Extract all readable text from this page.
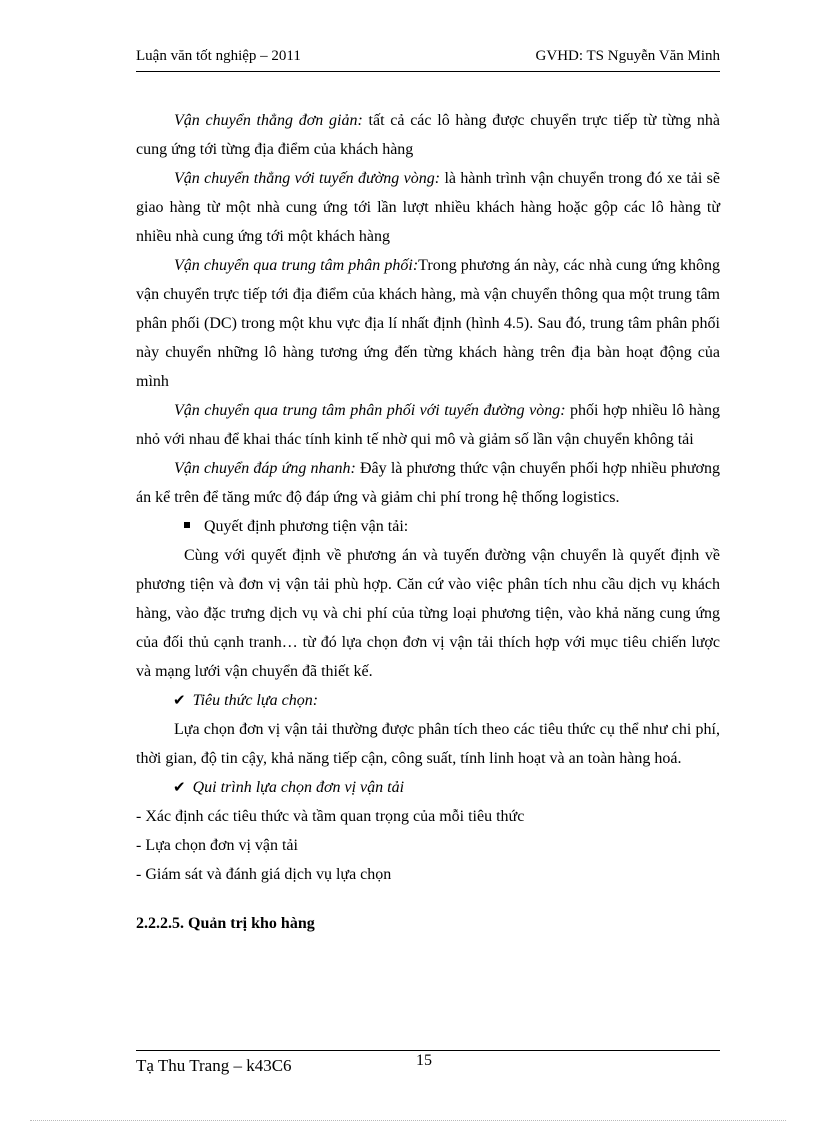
Luận văn tốt nghiệp – 2011	GVHD: TS Nguyễn Văn Minh

Vận chuyển thẳng đơn giản: tất cả các lô hàng được chuyển trực tiếp từ từng nhà cung ứng tới từng địa điểm của khách hàng

Vận chuyển thẳng với tuyến đường vòng: là hành trình vận chuyển trong đó xe tải sẽ giao hàng từ một nhà cung ứng tới lần lượt nhiều khách hàng hoặc gộp các lô hàng từ nhiều nhà cung ứng tới một khách hàng

Vận chuyển qua trung tâm phân phối:Trong phương án này, các nhà cung ứng không vận chuyển trực tiếp tới địa điểm của khách hàng, mà vận chuyển thông qua một trung tâm phân phối (DC) trong một khu vực địa lí nhất định (hình 4.5). Sau đó, trung tâm phân phối này chuyển những lô hàng tương ứng đến từng khách hàng trên địa bàn hoạt động của mình

Vận chuyển qua trung tâm phân phối với tuyến đường vòng: phối hợp nhiều lô hàng nhỏ với nhau để khai thác tính kinh tế nhờ qui mô và giảm số lần vận chuyển không tải

Vận chuyển đáp ứng nhanh: Đây là phương thức vận chuyển phối hợp nhiều phương án kể trên để tăng mức độ đáp ứng và giảm chi phí trong hệ thống logistics.

Quyết định phương tiện vận tải:

Cùng với quyết định về phương án và tuyến đường vận chuyển là quyết định về phương tiện và đơn vị vận tải phù hợp. Căn cứ vào việc phân tích nhu cầu dịch vụ khách hàng, vào đặc trưng dịch vụ và chi phí của từng loại phương tiện, vào khả năng cung ứng của đối thủ cạnh tranh… từ đó lựa chọn đơn vị vận tải thích hợp với mục tiêu chiến lược và mạng lưới vận chuyển đã thiết kế.

✔ Tiêu thức lựa chọn:

Lựa chọn đơn vị vận tải thường được phân tích theo các tiêu thức cụ thể như chi phí, thời gian, độ tin cậy, khả năng tiếp cận, công suất, tính linh hoạt và an toàn hàng hoá.

✔ Qui trình lựa chọn đơn vị vận tải

- Xác định các tiêu thức và tầm quan trọng của mỗi tiêu thức

- Lựa chọn đơn vị vận tải

- Giám sát và đánh giá dịch vụ lựa chọn

2.2.2.5. Quản trị kho hàng

Tạ Thu Trang – k43C6	15
